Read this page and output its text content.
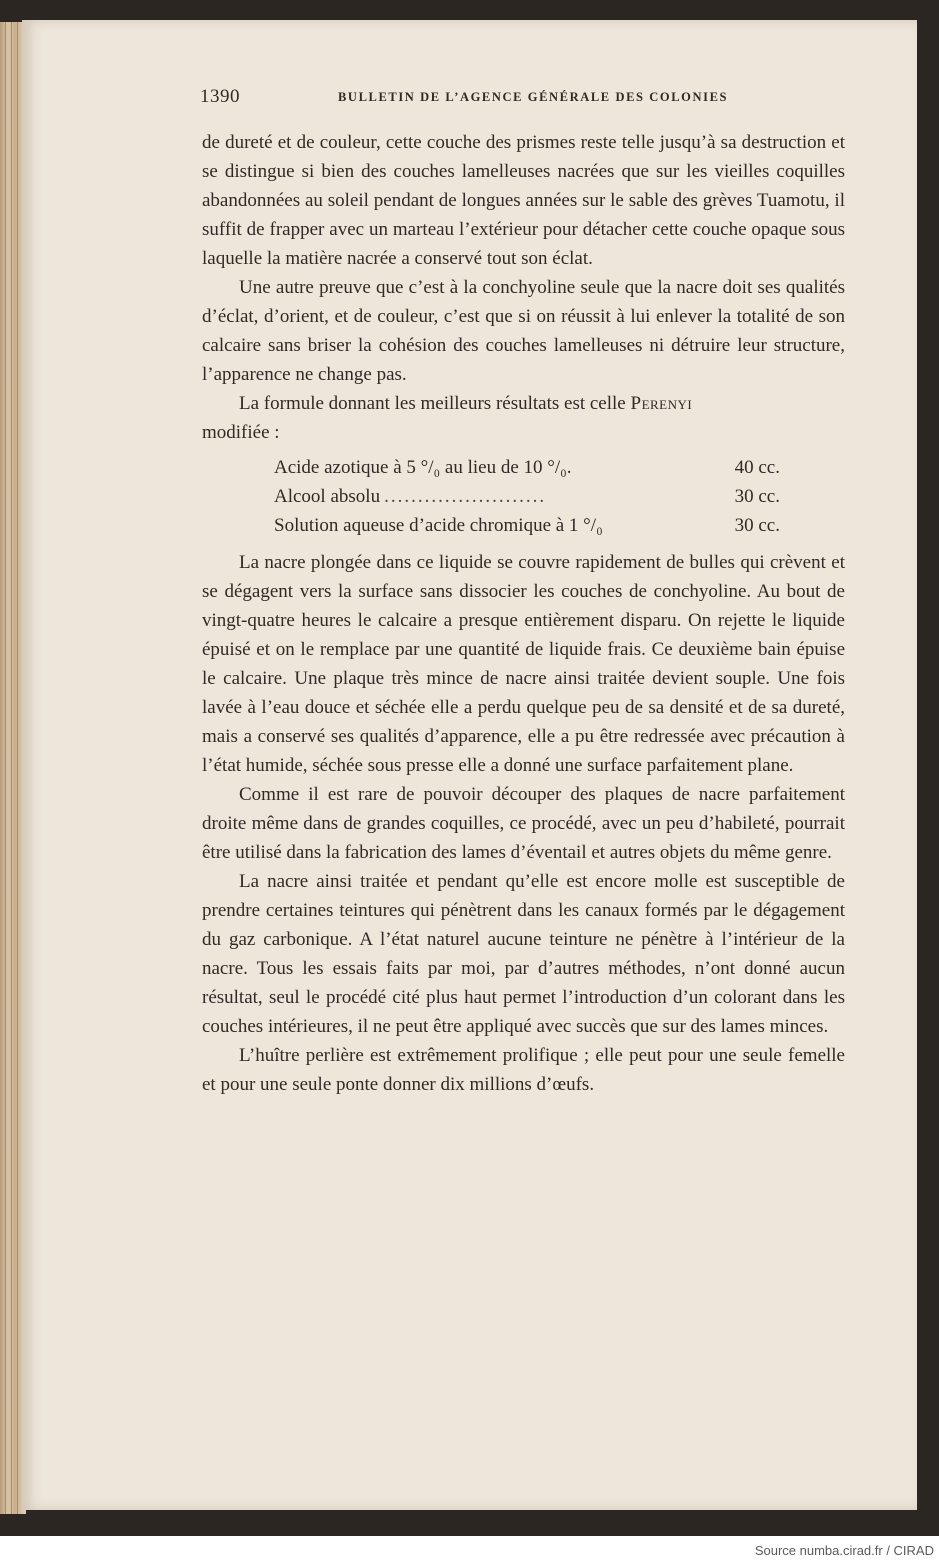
1390	BULLETIN DE L’AGENCE GÉNÉRALE DES COLONIES

de dureté et de couleur, cette couche des prismes reste telle jusqu’à sa destruction et se distingue si bien des couches lamelleuses nacrées que sur les vieilles coquilles abandonnées au soleil pendant de longues années sur le sable des grèves Tuamotu, il suffit de frapper avec un marteau l’extérieur pour détacher cette couche opaque sous laquelle la matière nacrée a conservé tout son éclat.

Une autre preuve que c’est à la conchyoline seule que la nacre doit ses qualités d’éclat, d’orient, et de couleur, c’est que si on réussit à lui enlever la totalité de son calcaire sans briser la cohésion des couches lamelleuses ni détruire leur structure, l’apparence ne change pas.

La formule donnant les meilleurs résultats est celle Perenyi
modifiée :

Acide azotique à 5 °/₀ au lieu de 10 °/₀.	40 cc.
Alcool absolu ........................	30 cc.
Solution aqueuse d’acide chromique à 1 °/₀	30 cc.

La nacre plongée dans ce liquide se couvre rapidement de bulles qui crèvent et se dégagent vers la surface sans dissocier les couches de conchyoline. Au bout de vingt-quatre heures le calcaire a presque entièrement disparu. On rejette le liquide épuisé et on le remplace par une quantité de liquide frais. Ce deuxième bain épuise le calcaire. Une plaque très mince de nacre ainsi traitée devient souple. Une fois lavée à l’eau douce et séchée elle a perdu quelque peu de sa densité et de sa dureté, mais a conservé ses qualités d’apparence, elle a pu être redressée avec précaution à l’état humide, séchée sous presse elle a donné une surface parfaitement plane.

Comme il est rare de pouvoir découper des plaques de nacre parfaitement droite même dans de grandes coquilles, ce procédé, avec un peu d’habileté, pourrait être utilisé dans la fabrication des lames d’éventail et autres objets du même genre.

La nacre ainsi traitée et pendant qu’elle est encore molle est susceptible de prendre certaines teintures qui pénètrent dans les canaux formés par le dégagement du gaz carbonique. A l’état naturel aucune teinture ne pénètre à l’intérieur de la nacre. Tous les essais faits par moi, par d’autres méthodes, n’ont donné aucun résultat, seul le procédé cité plus haut permet l’introduction d’un colorant dans les couches intérieures, il ne peut être appliqué avec succès que sur des lames minces.

L’huître perlière est extrêmement prolifique ; elle peut pour une seule femelle et pour une seule ponte donner dix millions d’œufs.

Source numba.cirad.fr / CIRAD
